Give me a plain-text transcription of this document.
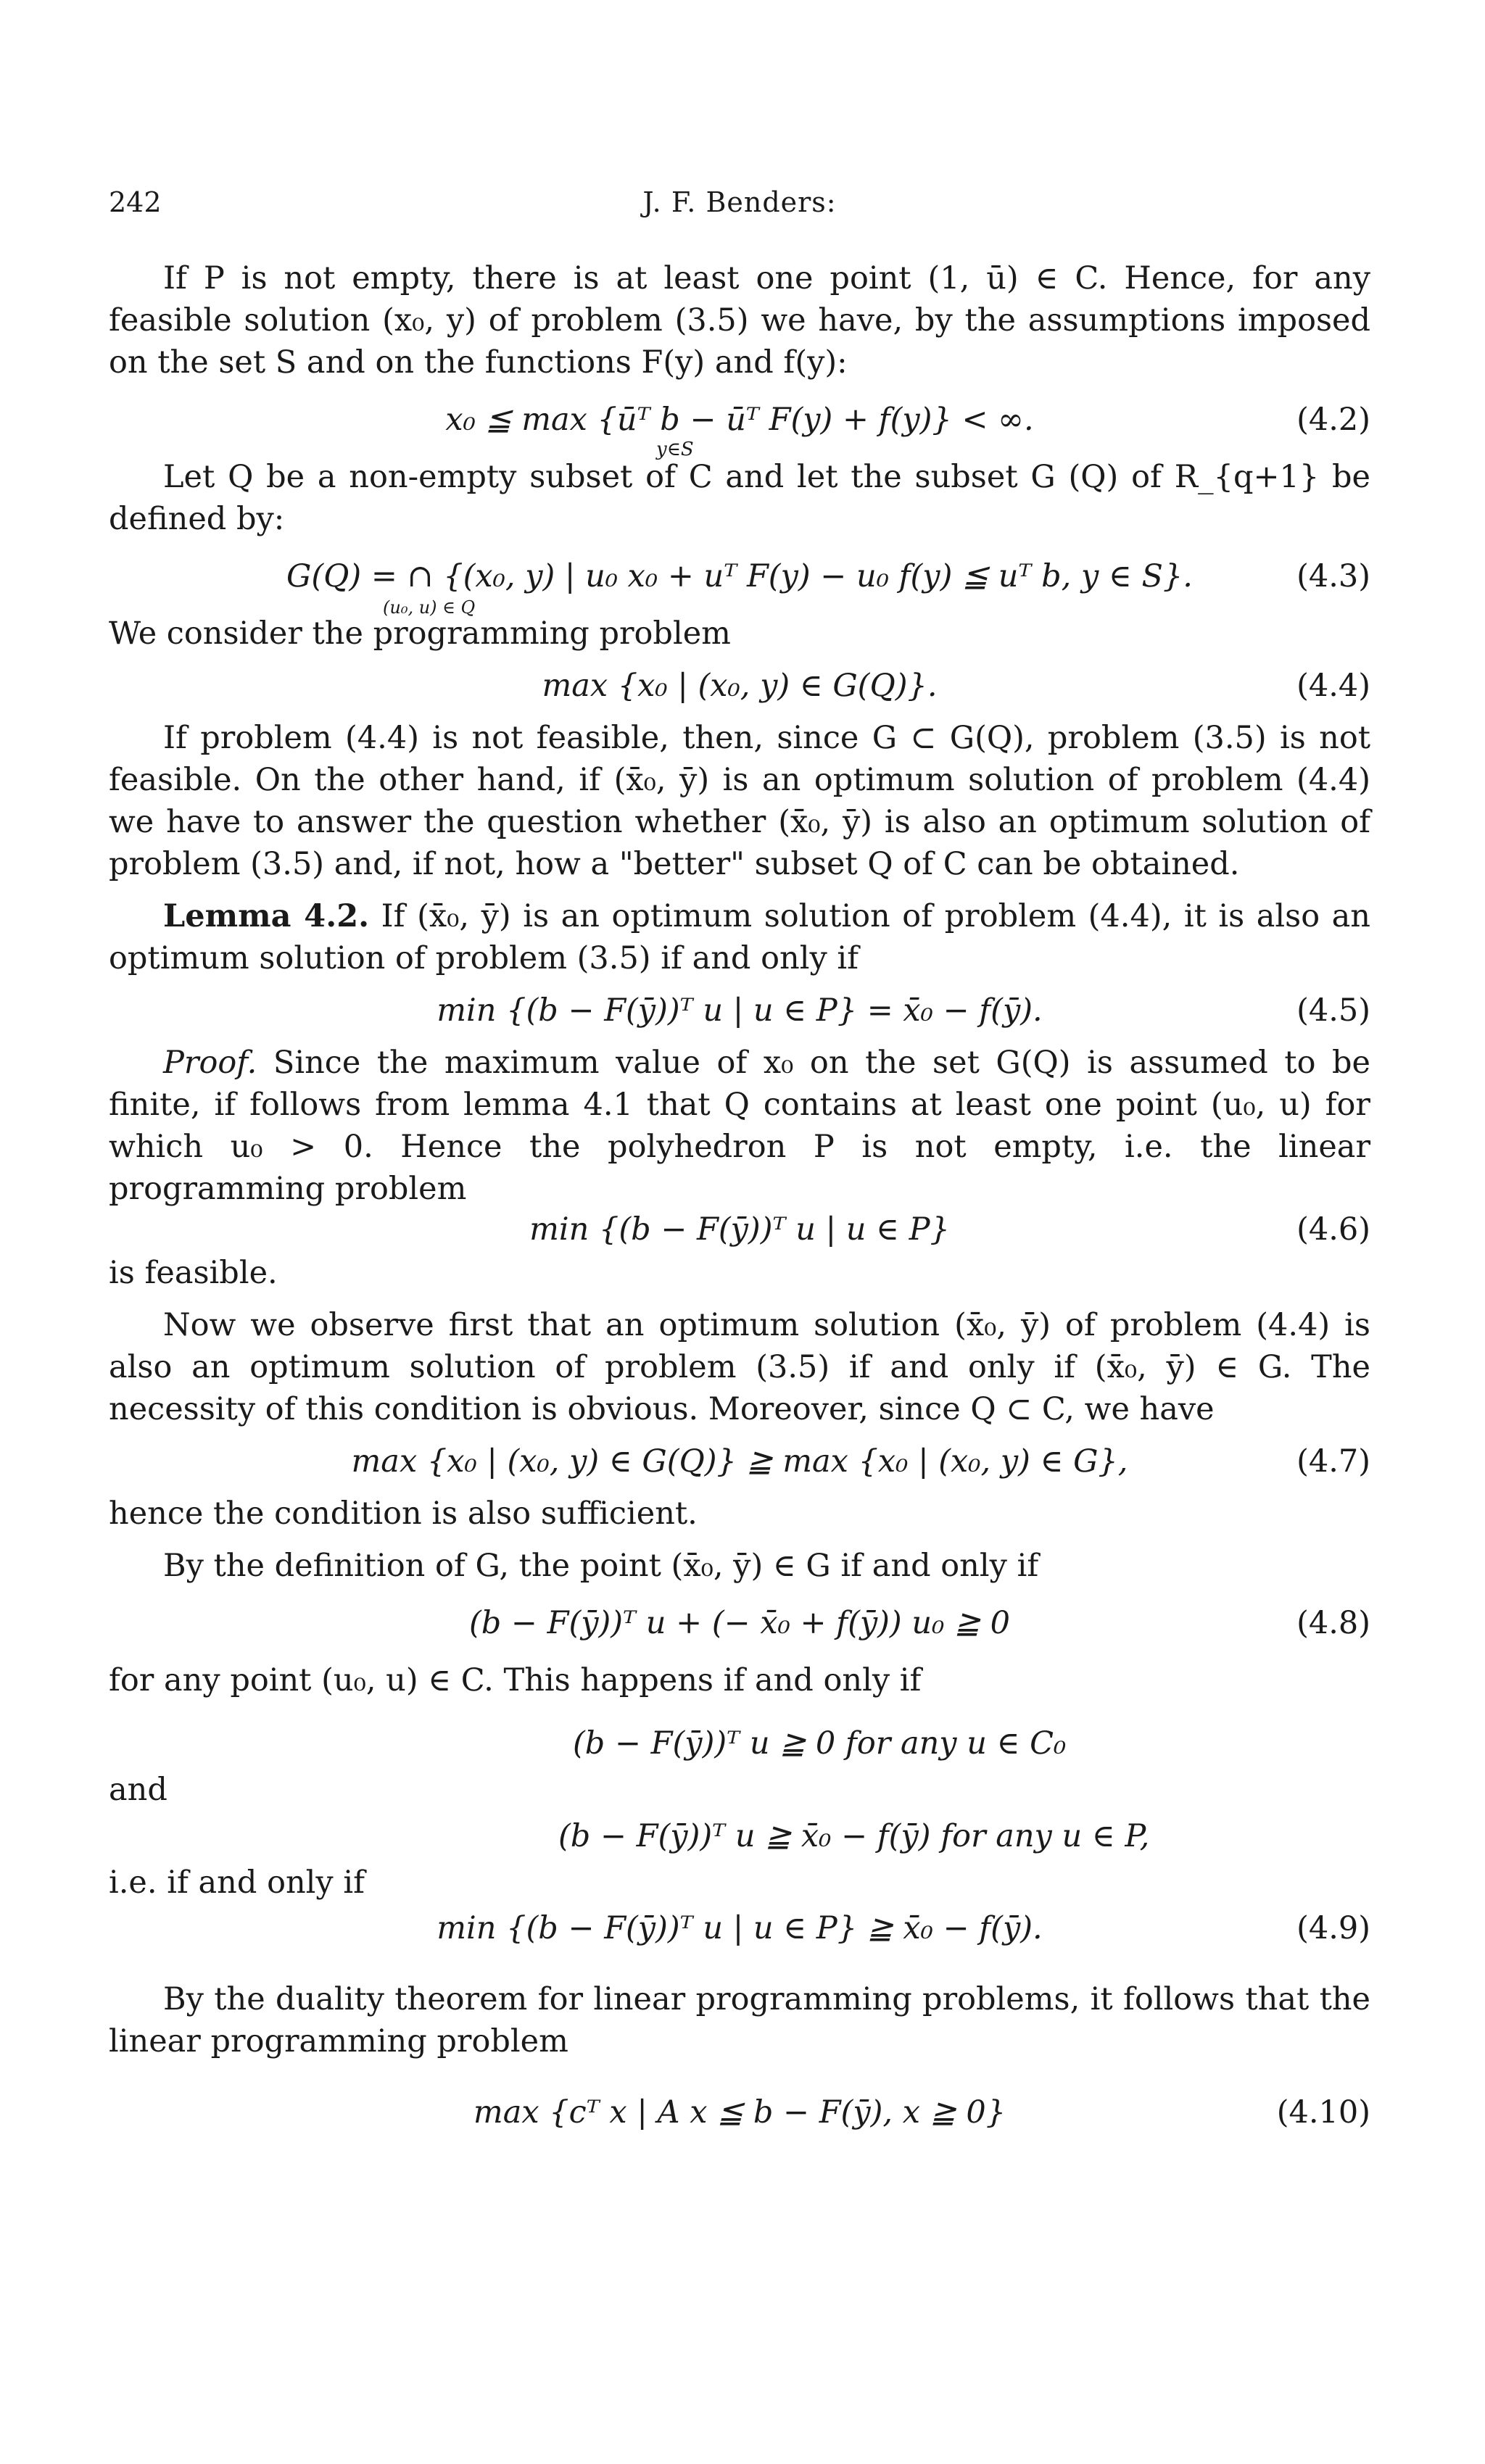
242	J. F. Benders:

If P is not empty, there is at least one point (1, ū) ∈ C. Hence, for any feasible solution (x₀, y) of problem (3.5) we have, by the assumptions imposed on the set S and on the functions F(y) and f(y):

x₀ ≦ max {ūᵀ b − ūᵀ F(y) + f(y)} < ∞.
y∈S
(4.2)

Let Q be a non-empty subset of C and let the subset G (Q) of R_{q+1} be defined by:

G(Q) = ∩ {(x₀, y) | u₀ x₀ + uᵀ F(y) − u₀ f(y) ≦ uᵀ b, y ∈ S}.
(u₀, u) ∈ Q
(4.3)

We consider the programming problem

max {x₀ | (x₀, y) ∈ G(Q)}.	(4.4)

If problem (4.4) is not feasible, then, since G ⊂ G(Q), problem (3.5) is not feasible. On the other hand, if (x̄₀, ȳ) is an optimum solution of problem (4.4) we have to answer the question whether (x̄₀, ȳ) is also an optimum solution of problem (3.5) and, if not, how a "better" subset Q of C can be obtained.

Lemma 4.2. If (x̄₀, ȳ) is an optimum solution of problem (4.4), it is also an optimum solution of problem (3.5) if and only if

min {(b − F(ȳ))ᵀ u | u ∈ P} = x̄₀ − f(ȳ).	(4.5)

Proof. Since the maximum value of x₀ on the set G(Q) is assumed to be finite, if follows from lemma 4.1 that Q contains at least one point (u₀, u) for which u₀ > 0. Hence the polyhedron P is not empty, i.e. the linear programming problem

min {(b − F(ȳ))ᵀ u | u ∈ P}	(4.6)

is feasible.

Now we observe first that an optimum solution (x̄₀, ȳ) of problem (4.4) is also an optimum solution of problem (3.5) if and only if (x̄₀, ȳ) ∈ G. The necessity of this condition is obvious. Moreover, since Q ⊂ C, we have

max {x₀ | (x₀, y) ∈ G(Q)} ≧ max {x₀ | (x₀, y) ∈ G},	(4.7)

hence the condition is also sufficient.

By the definition of G, the point (x̄₀, ȳ) ∈ G if and only if

(b − F(ȳ))ᵀ u + (− x̄₀ + f(ȳ)) u₀ ≧ 0	(4.8)

for any point (u₀, u) ∈ C. This happens if and only if

(b − F(ȳ))ᵀ u ≧ 0 for any u ∈ C₀
and
(b − F(ȳ))ᵀ u ≧ x̄₀ − f(ȳ) for any u ∈ P,
i.e. if and only if
min {(b − F(ȳ))ᵀ u | u ∈ P} ≧ x̄₀ − f(ȳ).	(4.9)

By the duality theorem for linear programming problems, it follows that the linear programming problem

max {cᵀ x | A x ≦ b − F(ȳ), x ≧ 0}	(4.10)
